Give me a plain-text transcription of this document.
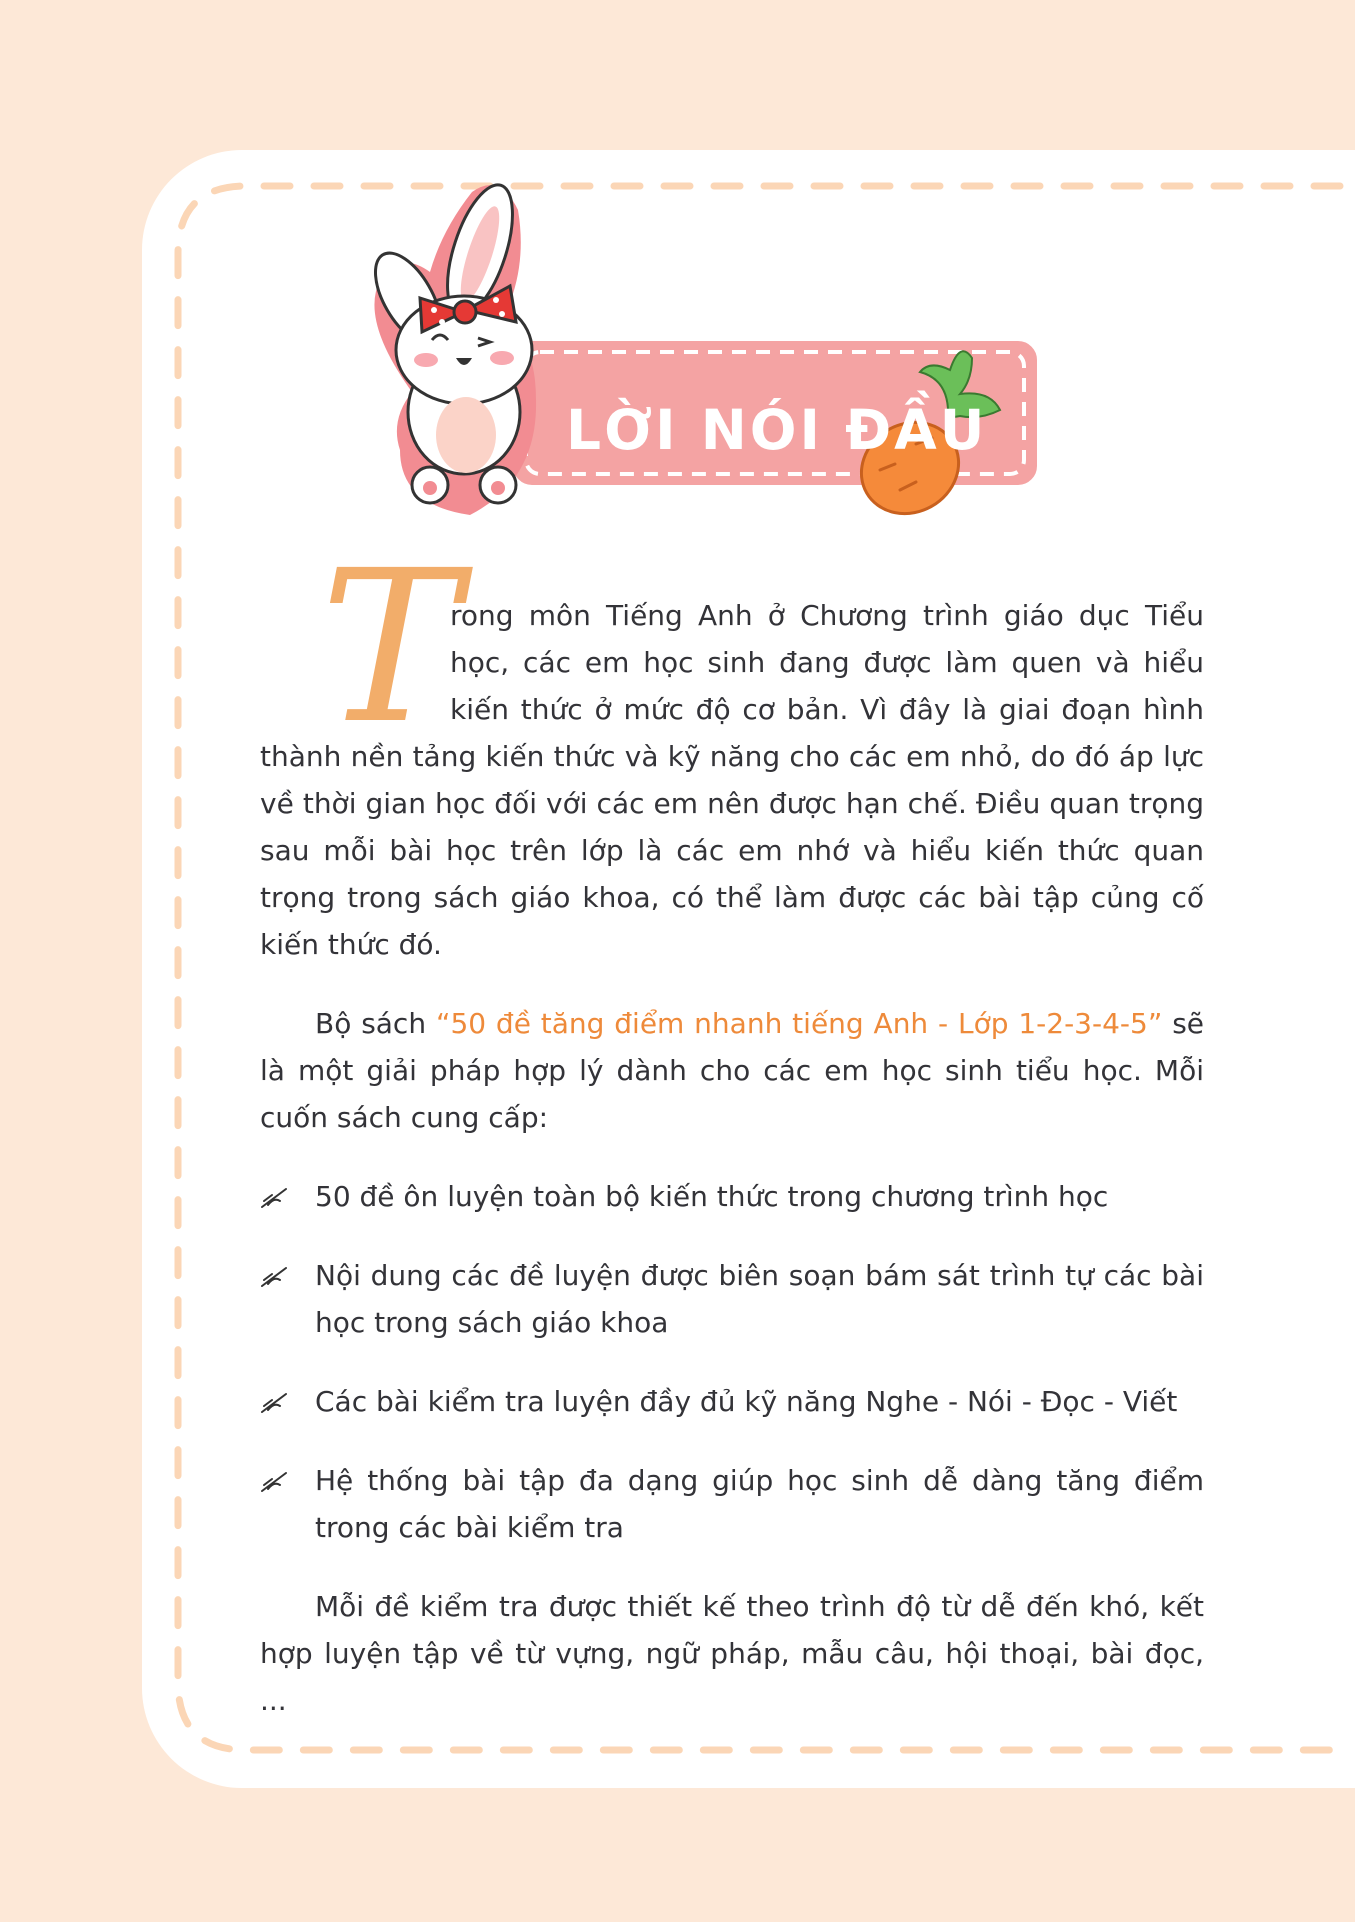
LỜI NÓI ĐẦU
T

rong môn Tiếng Anh ở Chương trình giáo dục Tiểu học, các em học sinh đang được làm quen và hiểu kiến thức ở mức độ cơ bản. Vì đây là giai đoạn hình thành nền tảng kiến thức và kỹ năng cho các em nhỏ, do đó áp lực về thời gian học đối với các em nên được hạn chế. Điều quan trọng sau mỗi bài học trên lớp là các em nhớ và hiểu kiến thức quan trọng trong sách giáo khoa, có thể làm được các bài tập củng cố kiến thức đó.

Bộ sách “50 đề tăng điểm nhanh tiếng Anh - Lớp 1-2-3-4-5” sẽ là một giải pháp hợp lý dành cho các em học sinh tiểu học. Mỗi cuốn sách cung cấp:

50 đề ôn luyện toàn bộ kiến thức trong chương trình học
Nội dung các đề luyện được biên soạn bám sát trình tự các bài học trong sách giáo khoa
Các bài kiểm tra luyện đầy đủ kỹ năng Nghe - Nói - Đọc - Viết
Hệ thống bài tập đa dạng giúp học sinh dễ dàng tăng điểm trong các bài kiểm tra

Mỗi đề kiểm tra được thiết kế theo trình độ từ dễ đến khó, kết hợp luyện tập về từ vựng, ngữ pháp, mẫu câu, hội thoại, bài đọc, ...
